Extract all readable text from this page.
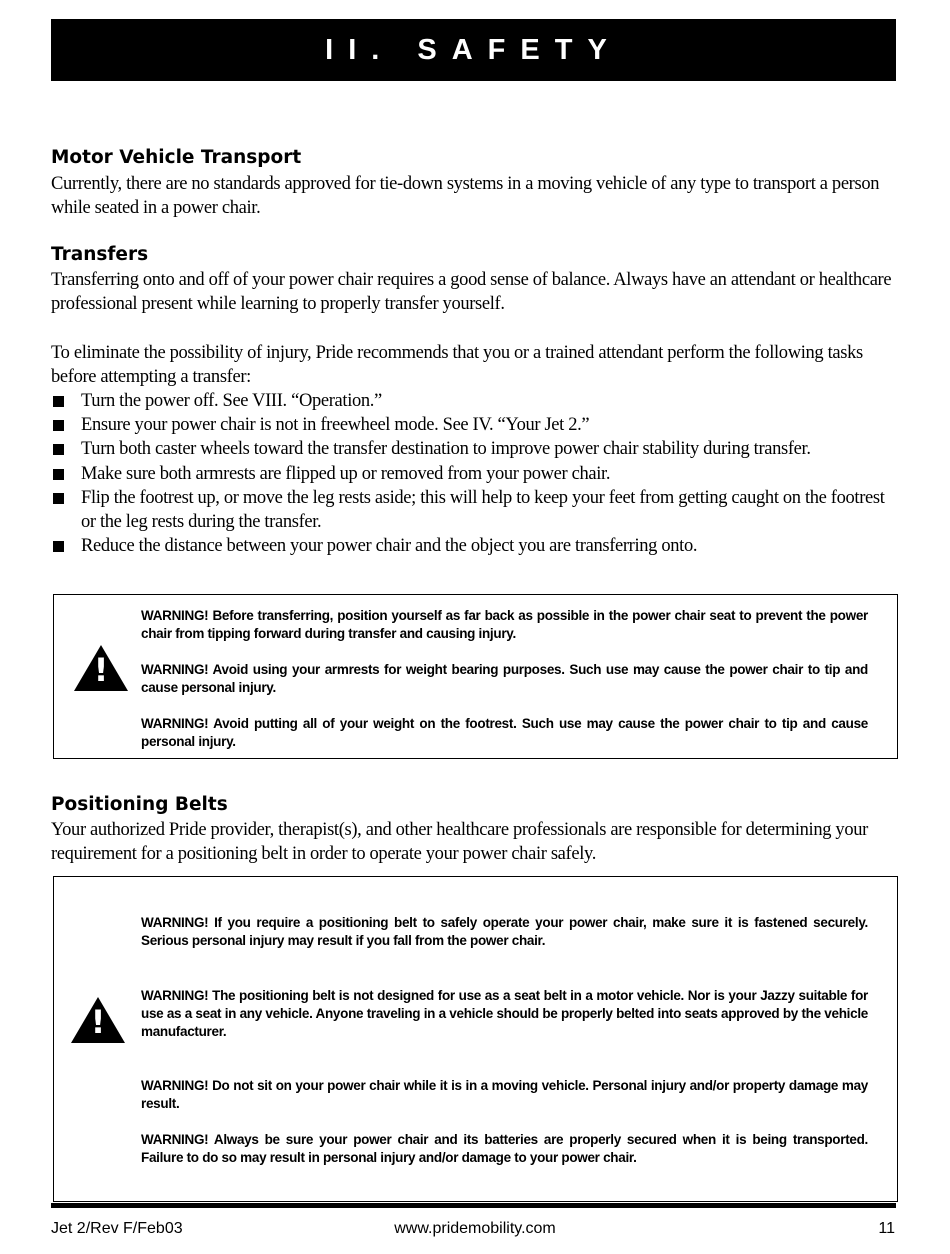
II. SAFETY
Motor Vehicle Transport

Currently, there are no standards approved for tie-down systems in a moving vehicle of any type to transport a person while seated in a power chair.

Transfers

Transferring onto and off of your power chair requires a good sense of balance. Always have an attendant or healthcare professional present while learning to properly transfer yourself.

To eliminate the possibility of injury, Pride recommends that you or a trained attendant perform the following tasks before attempting a transfer:

Turn the power off. See VIII. “Operation.”
Ensure your power chair is not in freewheel mode. See IV. “Your Jet 2.”
Turn both caster wheels toward the transfer destination to improve power chair stability during transfer.
Make sure both armrests are flipped up or removed from your power chair.
Flip the footrest up, or move the leg rests aside; this will help to keep your feet from getting caught on the footrest or the leg rests during the transfer.
Reduce the distance between your power chair and the object you are transferring onto.
!

WARNING! Before transferring, position yourself as far back as possible in the power chair seat to prevent the power chair from tipping forward during transfer and causing injury.

WARNING! Avoid using your armrests for weight bearing purposes. Such use may cause the power chair to tip and cause personal injury.

WARNING! Avoid putting all of your weight on the footrest. Such use may cause the power chair to tip and cause personal injury.

Positioning Belts

Your authorized Pride provider, therapist(s), and other healthcare professionals are responsible for determining your requirement for a positioning belt in order to operate your power chair safely.

!

WARNING! If you require a positioning belt to safely operate your power chair, make sure it is fastened securely. Serious personal injury may result if you fall from the power chair.

WARNING! The positioning belt is not designed for use as a seat belt in a motor vehicle. Nor is your Jazzy suitable for use as a seat in any vehicle. Anyone traveling in a vehicle should be properly belted into seats approved by the vehicle manufacturer.

WARNING! Do not sit on your power chair while it is in a moving vehicle. Personal injury and/or property damage may result.

WARNING! Always be sure your power chair and its batteries are properly secured when it is being transported. Failure to do so may result in personal injury and/or damage to your power chair.

Jet 2/Rev F/Feb03	www.pridemobility.com	11
